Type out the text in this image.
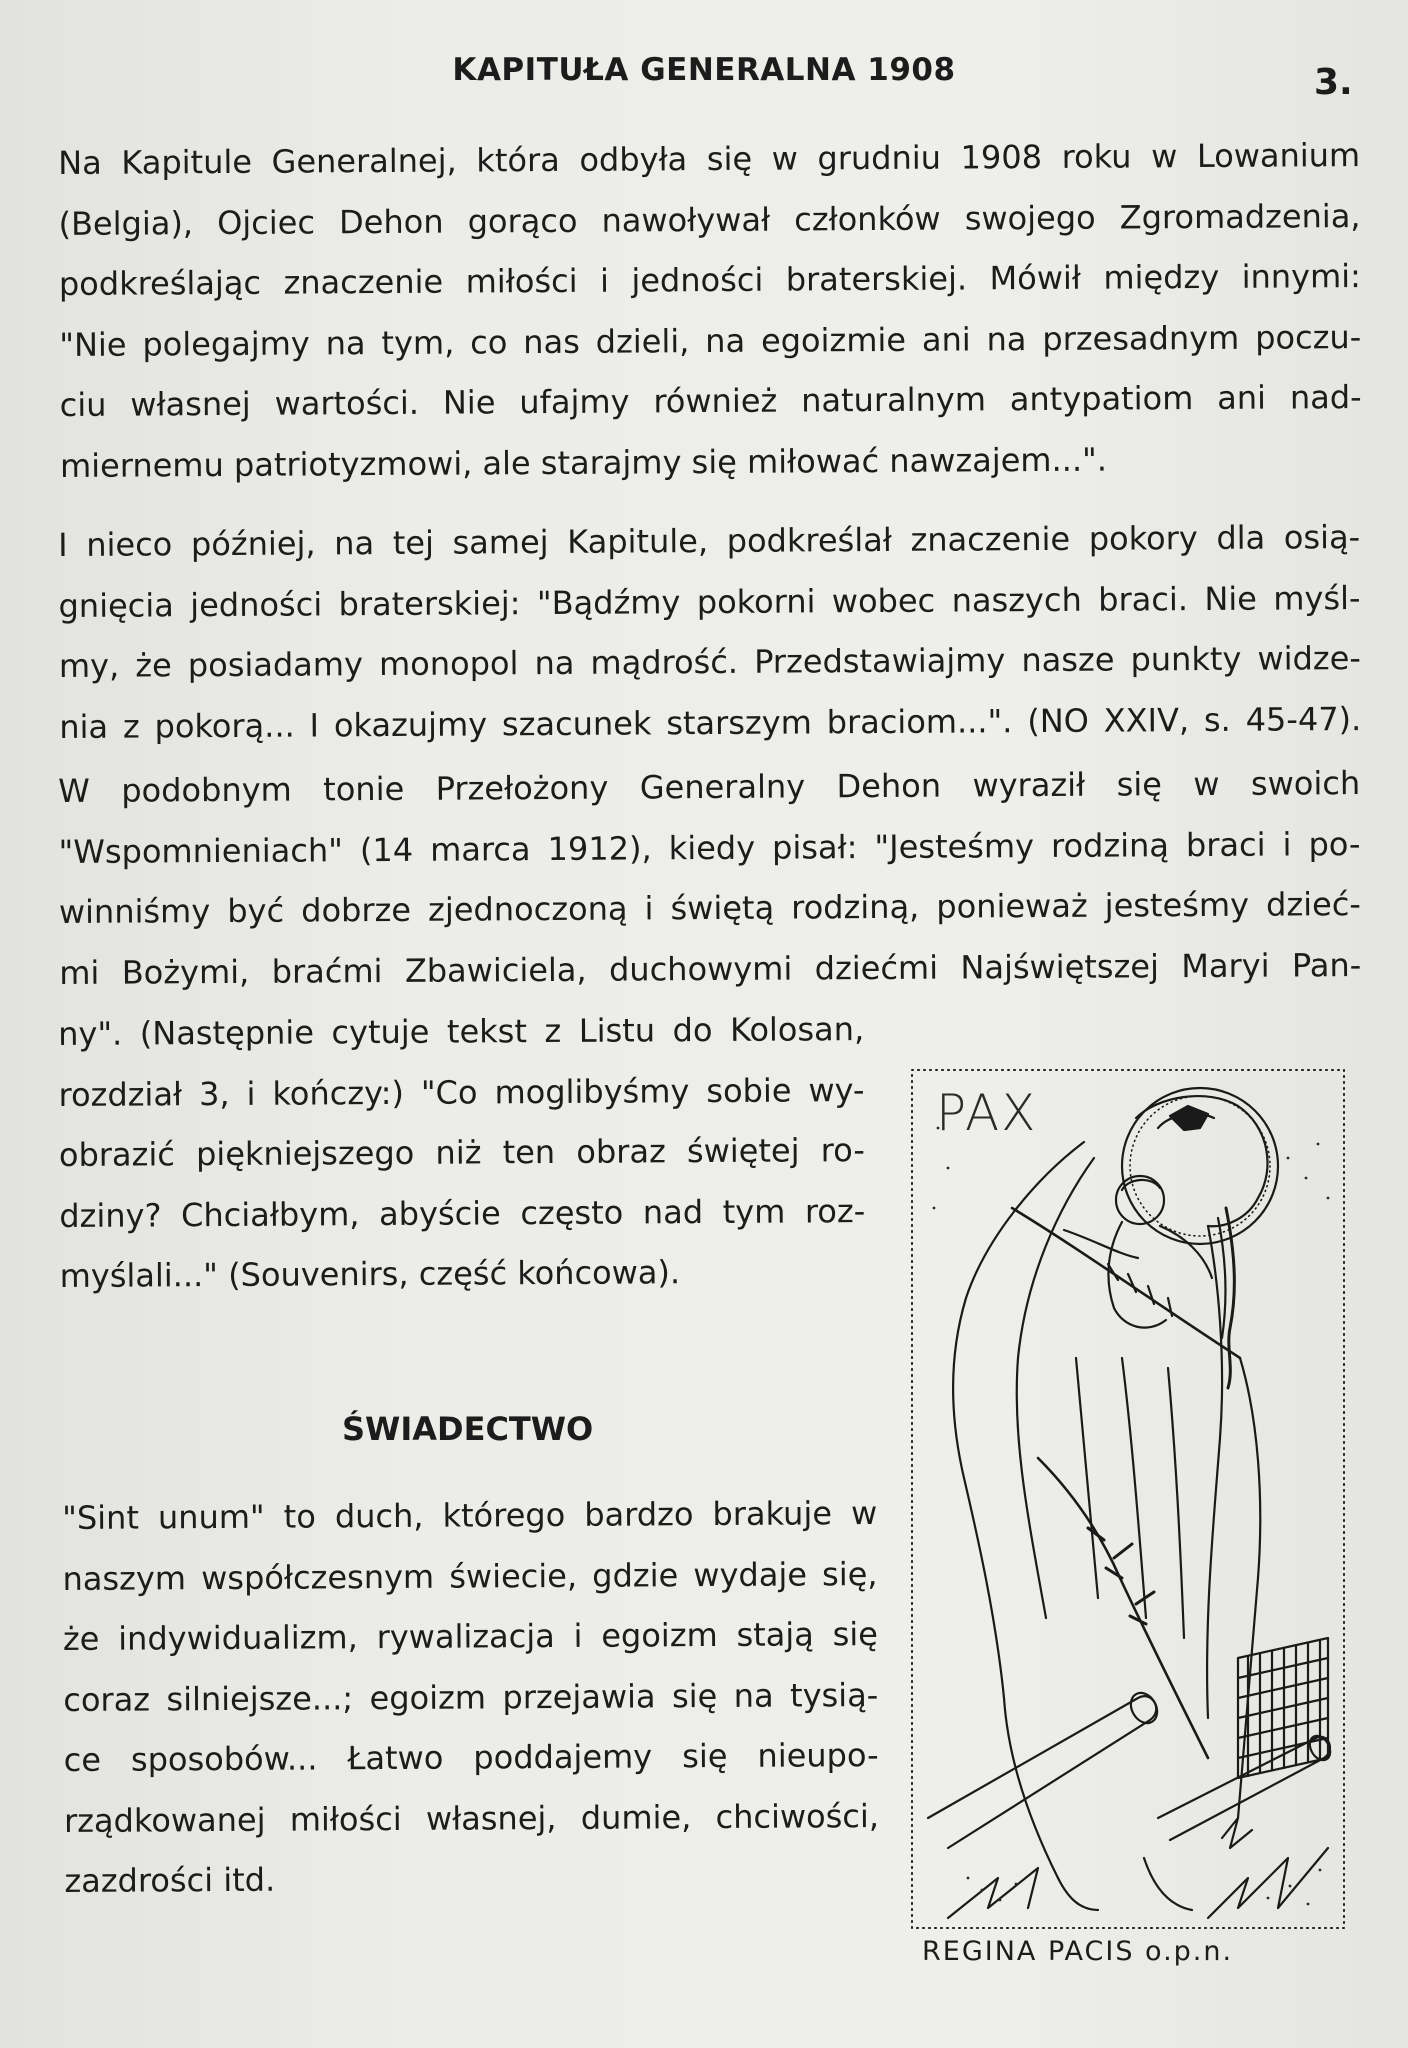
KAPITUŁA GENERALNA 1908	3.
Na Kapitule Generalnej, która odbyła się w grudniu 1908 roku w Lowanium
(Belgia), Ojciec Dehon gorąco nawoływał członków swojego Zgromadzenia,
podkreślając znaczenie miłości i jedności braterskiej. Mówił między innymi:
"Nie polegajmy na tym, co nas dzieli, na egoizmie ani na przesadnym poczu-
ciu własnej wartości. Nie ufajmy również naturalnym antypatiom ani nad-
miernemu patriotyzmowi, ale starajmy się miłować nawzajem...".
I nieco później, na tej samej Kapitule, podkreślał znaczenie pokory dla osią-
gnięcia jedności braterskiej: "Bądźmy pokorni wobec naszych braci. Nie myśl-
my, że posiadamy monopol na mądrość. Przedstawiajmy nasze punkty widze-
nia z pokorą... I okazujmy szacunek starszym braciom...". (NO XXIV, s. 45-47).
W podobnym tonie Przełożony Generalny Dehon wyraził się w swoich
"Wspomnieniach" (14 marca 1912), kiedy pisał: "Jesteśmy rodziną braci i po-
winniśmy być dobrze zjednoczoną i świętą rodziną, ponieważ jesteśmy dzieć-
mi Bożymi, braćmi Zbawiciela, duchowymi dziećmi Najświętszej Maryi Pan-
ny". (Następnie cytuje tekst z Listu do Kolosan,
rozdział 3, i kończy:) "Co moglibyśmy sobie wy-
obrazić piękniejszego niż ten obraz świętej ro-
dziny? Chciałbym, abyście często nad tym roz-
myślali..." (Souvenirs, część końcowa).
ŚWIADECTWO
"Sint unum" to duch, którego bardzo brakuje w
naszym współczesnym świecie, gdzie wydaje się,
że indywidualizm, rywalizacja i egoizm stają się
coraz silniejsze...; egoizm przejawia się na tysią-
ce sposobów... Łatwo poddajemy się nieupo-
rządkowanej miłości własnej, dumie, chciwości,
zazdrości itd.
PAX
REGINA PACIS o.p.n.
